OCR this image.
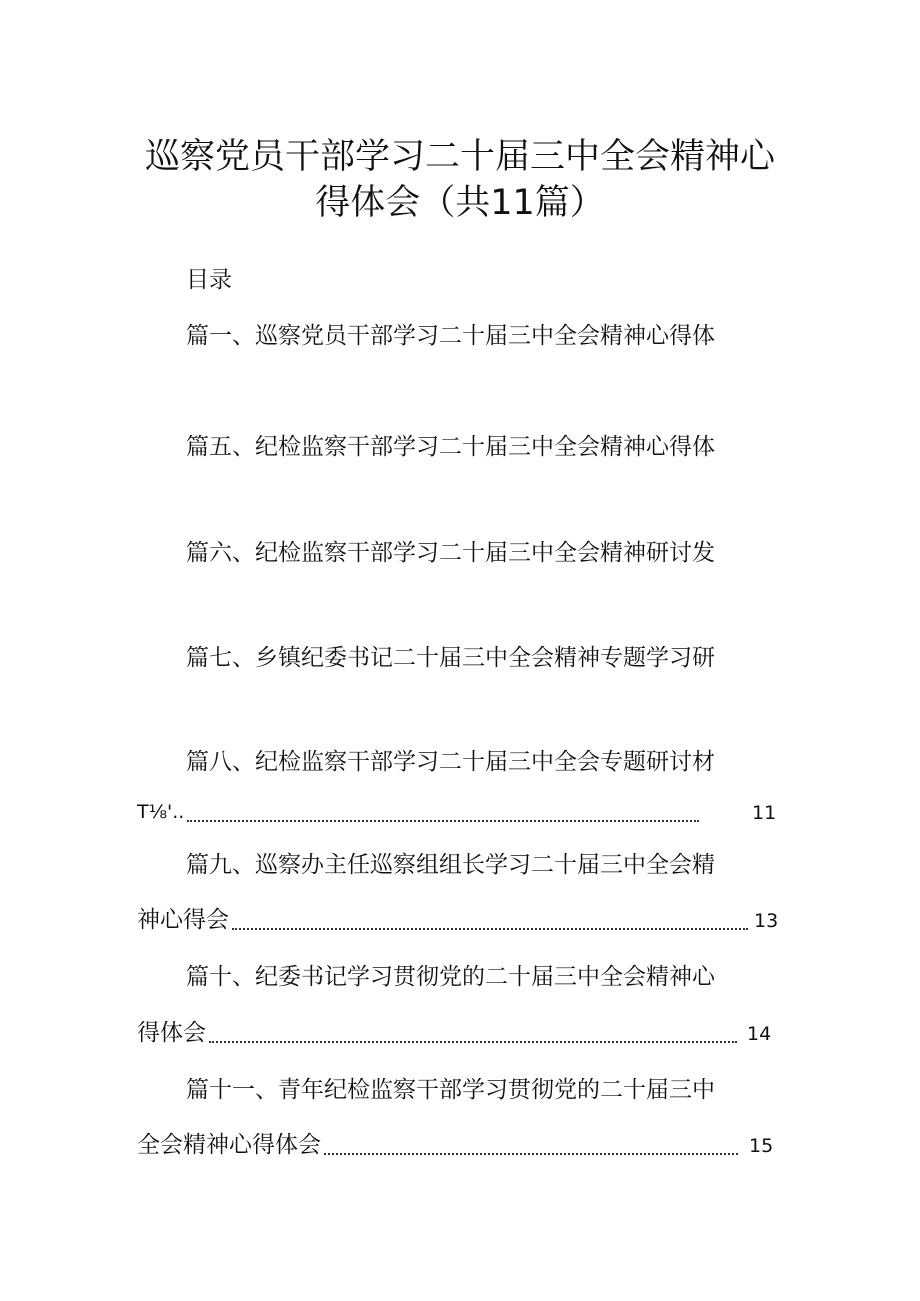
巡察党员干部学习二十届三中全会精神心
得体会（共11篇）
目录
篇一、巡察党员干部学习二十届三中全会精神心得体
篇五、纪检监察干部学习二十届三中全会精神心得体
篇六、纪检监察干部学习二十届三中全会精神研讨发
篇七、乡镇纪委书记二十届三中全会精神专题学习研
篇八、纪检监察干部学习二十届三中全会专题研讨材
T⅛'..	11
篇九、巡察办主任巡察组组长学习二十届三中全会精
神心得会	13
篇十、纪委书记学习贯彻党的二十届三中全会精神心
得体会	14
篇十一、青年纪检监察干部学习贯彻党的二十届三中
全会精神心得体会	15
